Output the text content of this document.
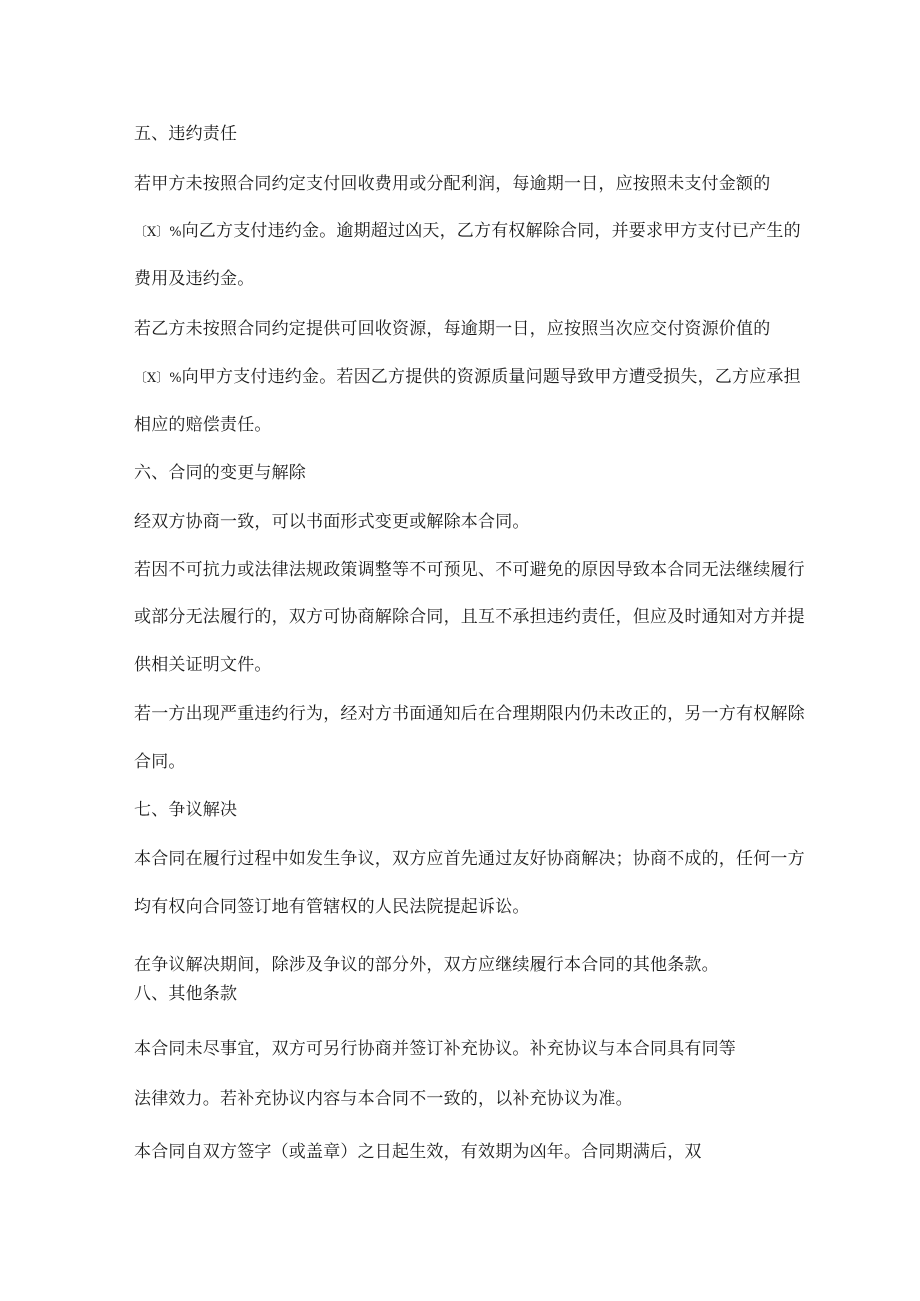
五、违约责任
若甲方未按照合同约定支付回收费用或分配利润，每逾期一日，应按照未支付金额的
〔X〕%向乙方支付违约金。逾期超过凶天，乙方有权解除合同，并要求甲方支付已产生的
费用及违约金。
若乙方未按照合同约定提供可回收资源，每逾期一日，应按照当次应交付资源价值的
〔X〕%向甲方支付违约金。若因乙方提供的资源质量问题导致甲方遭受损失，乙方应承担
相应的赔偿责任。
六、合同的变更与解除
经双方协商一致，可以书面形式变更或解除本合同。
若因不可抗力或法律法规政策调整等不可预见、不可避免的原因导致本合同无法继续履行
或部分无法履行的，双方可协商解除合同，且互不承担违约责任，但应及时通知对方并提
供相关证明文件。
若一方出现严重违约行为，经对方书面通知后在合理期限内仍未改正的，另一方有权解除
合同。
七、争议解决
本合同在履行过程中如发生争议，双方应首先通过友好协商解决；协商不成的，任何一方
均有权向合同签订地有管辖权的人民法院提起诉讼。
在争议解决期间，除涉及争议的部分外，双方应继续履行本合同的其他条款。
八、其他条款
本合同未尽事宜，双方可另行协商并签订补充协议。补充协议与本合同具有同等
法律效力。若补充协议内容与本合同不一致的，以补充协议为准。
本合同自双方签字（或盖章）之日起生效，有效期为凶年。合同期满后，双
